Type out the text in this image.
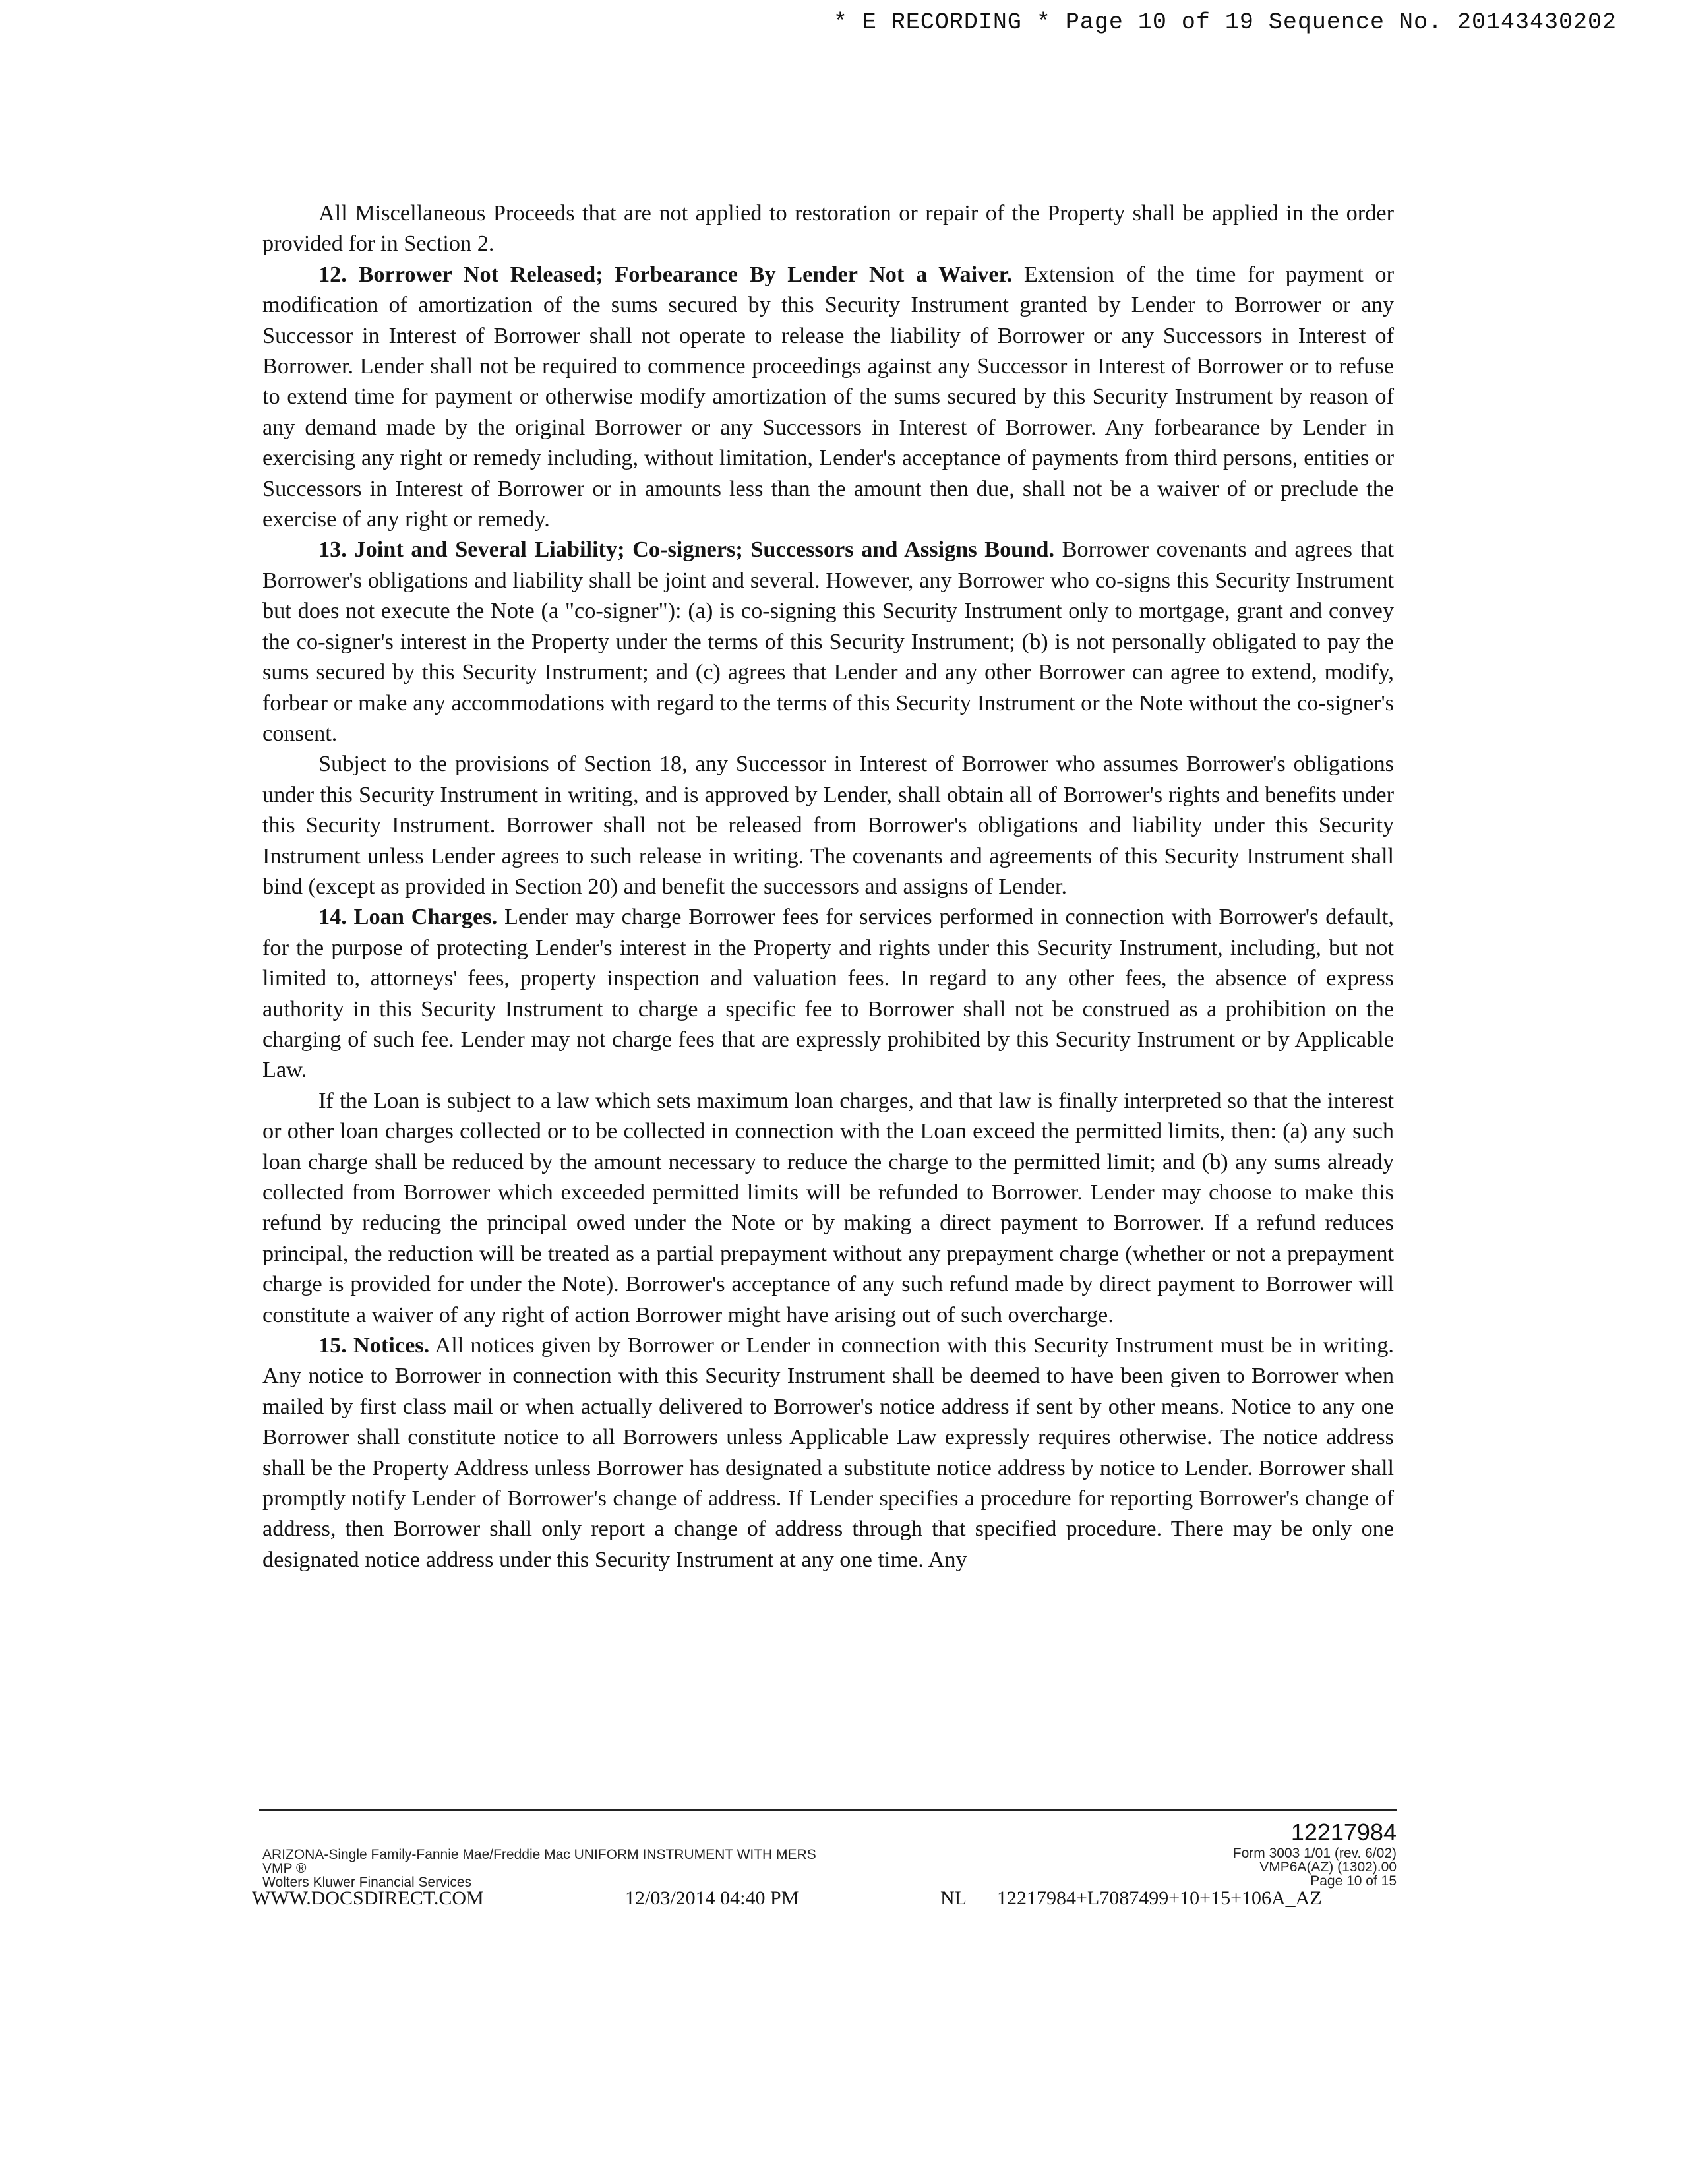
* E RECORDING * Page 10 of 19 Sequence No. 20143430202

All Miscellaneous Proceeds that are not applied to restoration or repair of the Property shall be applied in the order provided for in Section 2.

12. Borrower Not Released; Forbearance By Lender Not a Waiver. Extension of the time for payment or modification of amortization of the sums secured by this Security Instrument granted by Lender to Borrower or any Successor in Interest of Borrower shall not operate to release the liability of Borrower or any Successors in Interest of Borrower. Lender shall not be required to commence proceedings against any Successor in Interest of Borrower or to refuse to extend time for payment or otherwise modify amortization of the sums secured by this Security Instrument by reason of any demand made by the original Borrower or any Successors in Interest of Borrower. Any forbearance by Lender in exercising any right or remedy including, without limitation, Lender's acceptance of payments from third persons, entities or Successors in Interest of Borrower or in amounts less than the amount then due, shall not be a waiver of or preclude the exercise of any right or remedy.

13. Joint and Several Liability; Co-signers; Successors and Assigns Bound. Borrower covenants and agrees that Borrower's obligations and liability shall be joint and several. However, any Borrower who co-signs this Security Instrument but does not execute the Note (a "co-signer"): (a) is co-signing this Security Instrument only to mortgage, grant and convey the co-signer's interest in the Property under the terms of this Security Instrument; (b) is not personally obligated to pay the sums secured by this Security Instrument; and (c) agrees that Lender and any other Borrower can agree to extend, modify, forbear or make any accommodations with regard to the terms of this Security Instrument or the Note without the co-signer's consent.

Subject to the provisions of Section 18, any Successor in Interest of Borrower who assumes Borrower's obligations under this Security Instrument in writing, and is approved by Lender, shall obtain all of Borrower's rights and benefits under this Security Instrument. Borrower shall not be released from Borrower's obligations and liability under this Security Instrument unless Lender agrees to such release in writing. The covenants and agreements of this Security Instrument shall bind (except as provided in Section 20) and benefit the successors and assigns of Lender.

14. Loan Charges. Lender may charge Borrower fees for services performed in connection with Borrower's default, for the purpose of protecting Lender's interest in the Property and rights under this Security Instrument, including, but not limited to, attorneys' fees, property inspection and valuation fees. In regard to any other fees, the absence of express authority in this Security Instrument to charge a specific fee to Borrower shall not be construed as a prohibition on the charging of such fee. Lender may not charge fees that are expressly prohibited by this Security Instrument or by Applicable Law.

If the Loan is subject to a law which sets maximum loan charges, and that law is finally interpreted so that the interest or other loan charges collected or to be collected in connection with the Loan exceed the permitted limits, then: (a) any such loan charge shall be reduced by the amount necessary to reduce the charge to the permitted limit; and (b) any sums already collected from Borrower which exceeded permitted limits will be refunded to Borrower. Lender may choose to make this refund by reducing the principal owed under the Note or by making a direct payment to Borrower. If a refund reduces principal, the reduction will be treated as a partial prepayment without any prepayment charge (whether or not a prepayment charge is provided for under the Note). Borrower's acceptance of any such refund made by direct payment to Borrower will constitute a waiver of any right of action Borrower might have arising out of such overcharge.

15. Notices. All notices given by Borrower or Lender in connection with this Security Instrument must be in writing. Any notice to Borrower in connection with this Security Instrument shall be deemed to have been given to Borrower when mailed by first class mail or when actually delivered to Borrower's notice address if sent by other means. Notice to any one Borrower shall constitute notice to all Borrowers unless Applicable Law expressly requires otherwise. The notice address shall be the Property Address unless Borrower has designated a substitute notice address by notice to Lender. Borrower shall promptly notify Lender of Borrower's change of address. If Lender specifies a procedure for reporting Borrower's change of address, then Borrower shall only report a change of address through that specified procedure. There may be only one designated notice address under this Security Instrument at any one time. Any

12217984
ARIZONA-Single Family-Fannie Mae/Freddie Mac UNIFORM INSTRUMENT WITH MERS
VMP ®
Wolters Kluwer Financial Services
Form 3003 1/01 (rev. 6/02)
VMP6A(AZ) (1302).00
Page 10 of 15
WWW.DOCSDIRECT.COM	12/03/2014 04:40 PM	NL 12217984+L7087499+10+15+106A_AZ
